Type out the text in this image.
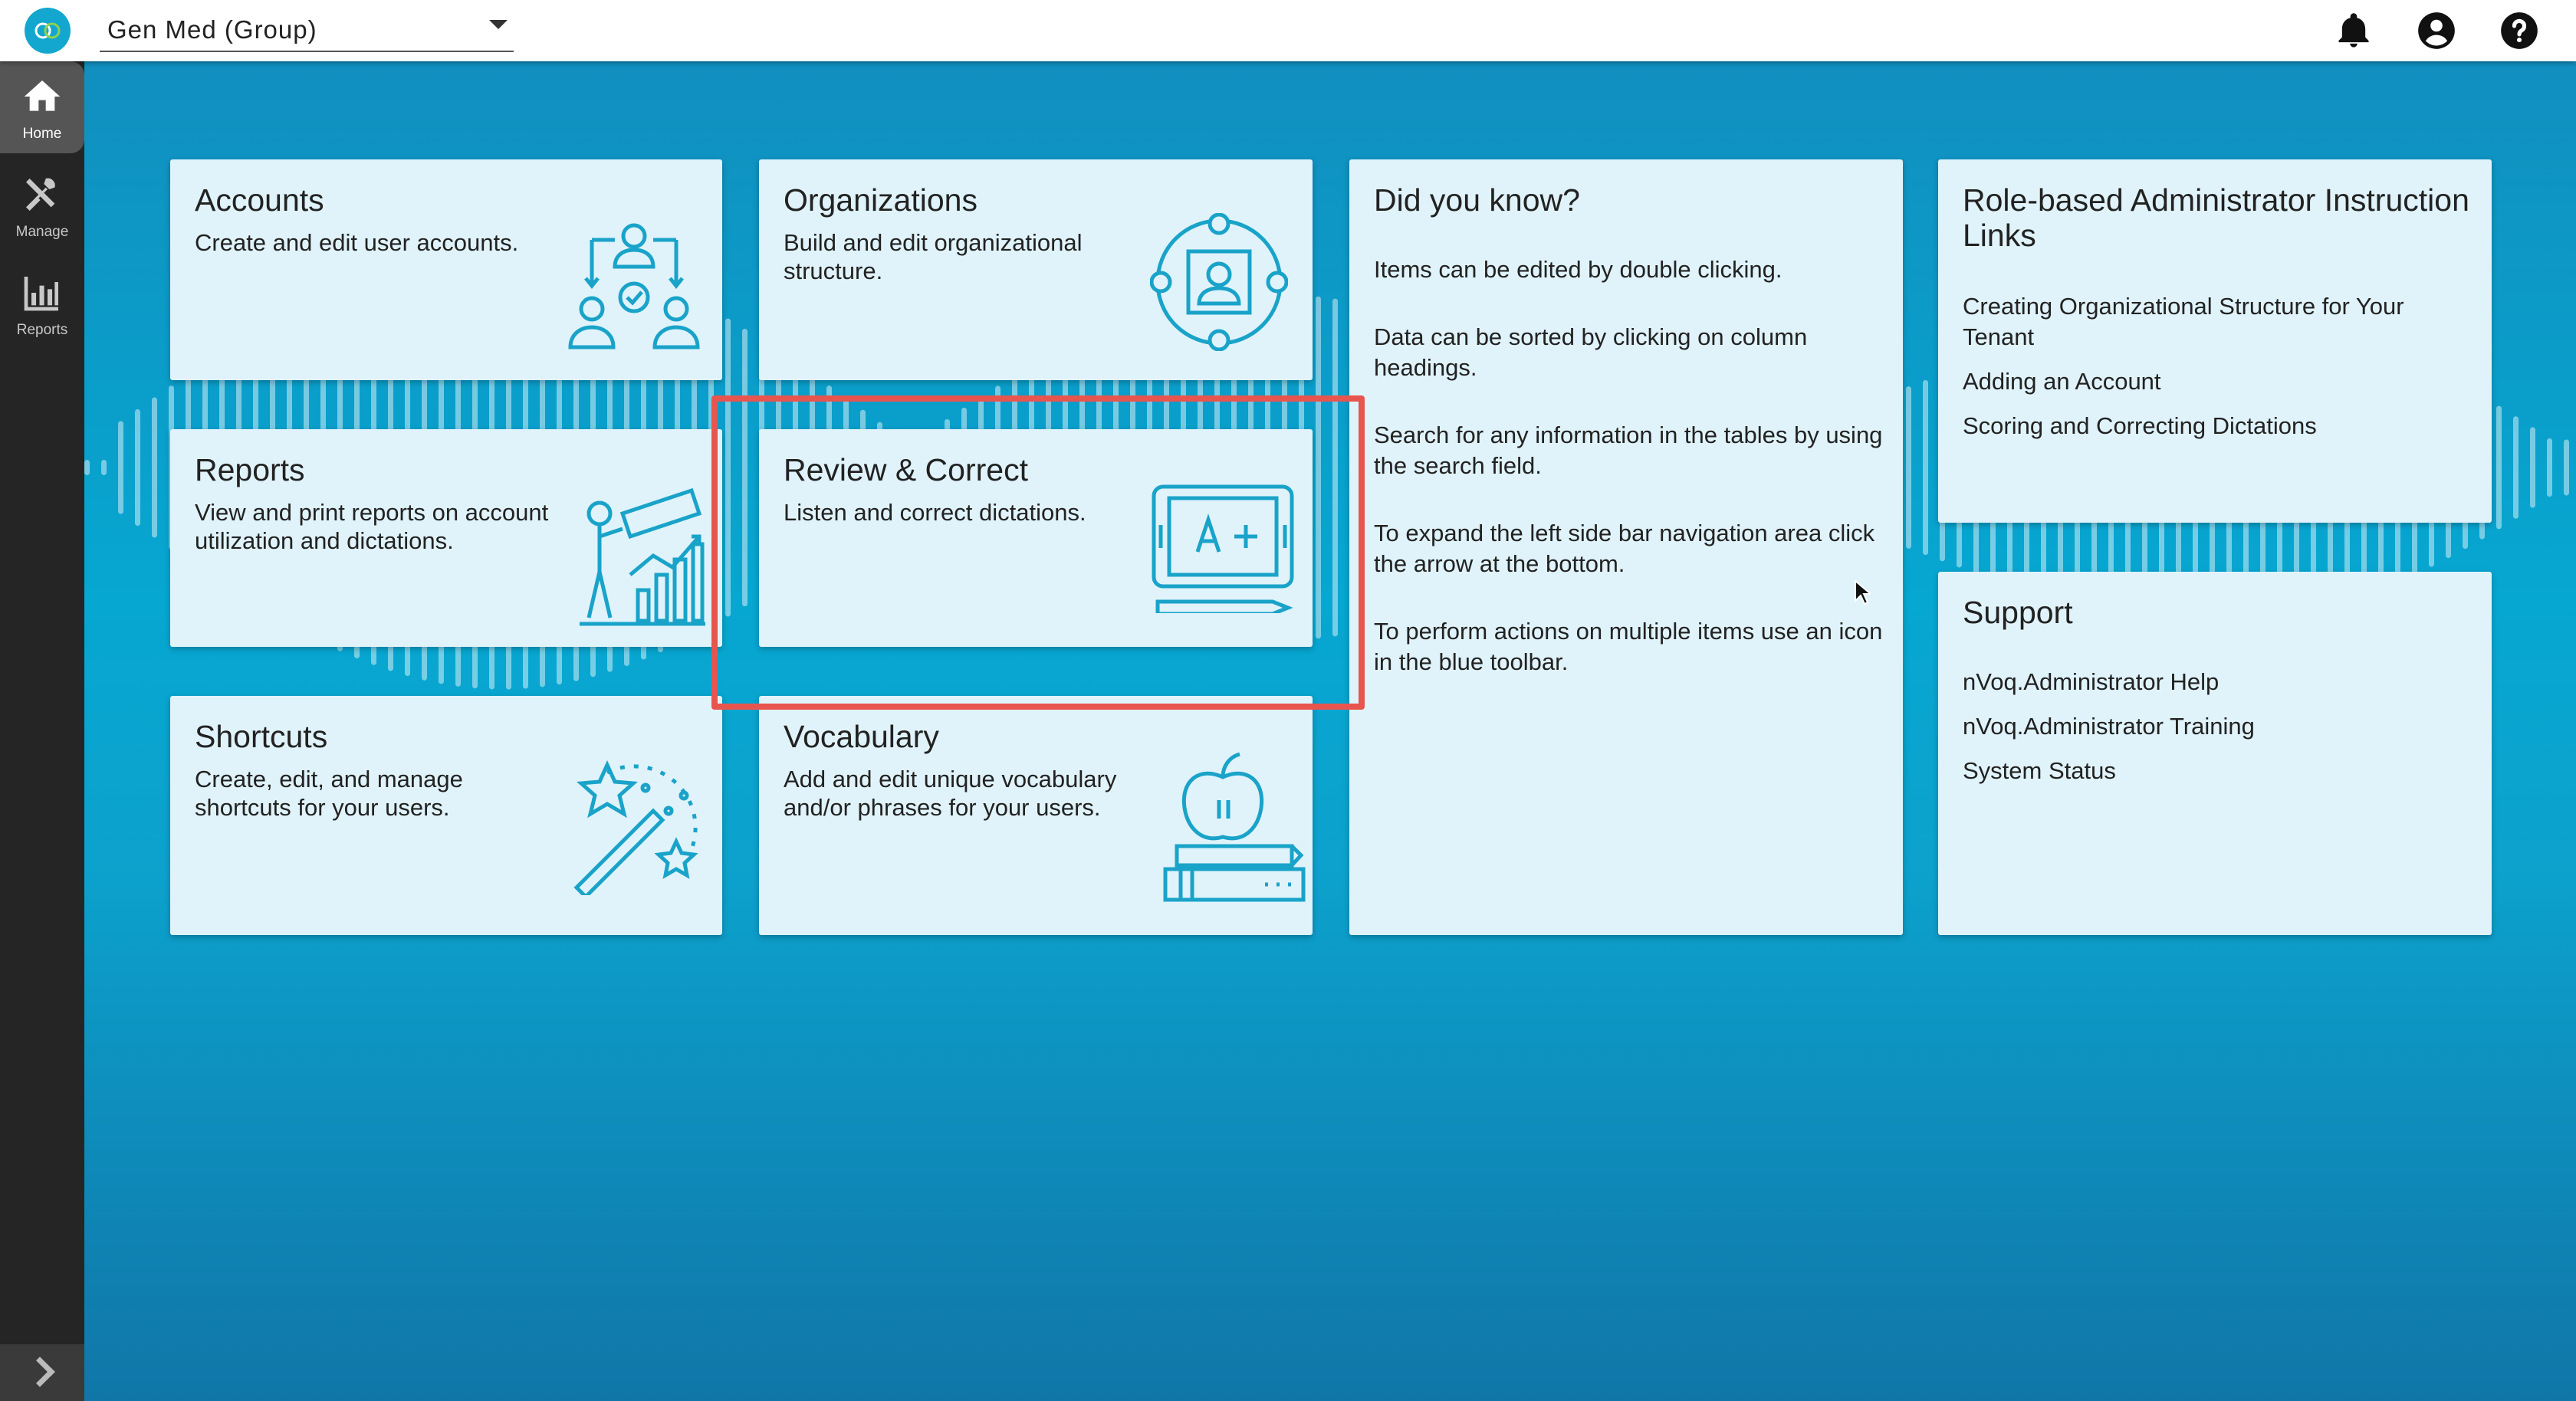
Gen Med (Group)
Home
Manage
Reports
Accounts
Create and edit user accounts.
Organizations
Build and edit organizational structure.
Did you know?
Items can be edited by double clicking.
Data can be sorted by clicking on column headings.
Search for any information in the tables by using the search field.
To expand the left side bar navigation area click the arrow at the bottom.
To perform actions on multiple items use an icon in the blue toolbar.
Role-based Administrator Instruction Links
Creating Organizational Structure for Your Tenant
Adding an Account
Scoring and Correcting Dictations
Reports
View and print reports on account utilization and dictations.
Review & Correct
Listen and correct dictations.
Support
nVoq.Administrator Help
nVoq.Administrator Training
System Status
Shortcuts
Create, edit, and manage shortcuts for your users.
Vocabulary
Add and edit unique vocabulary and/or phrases for your users.
